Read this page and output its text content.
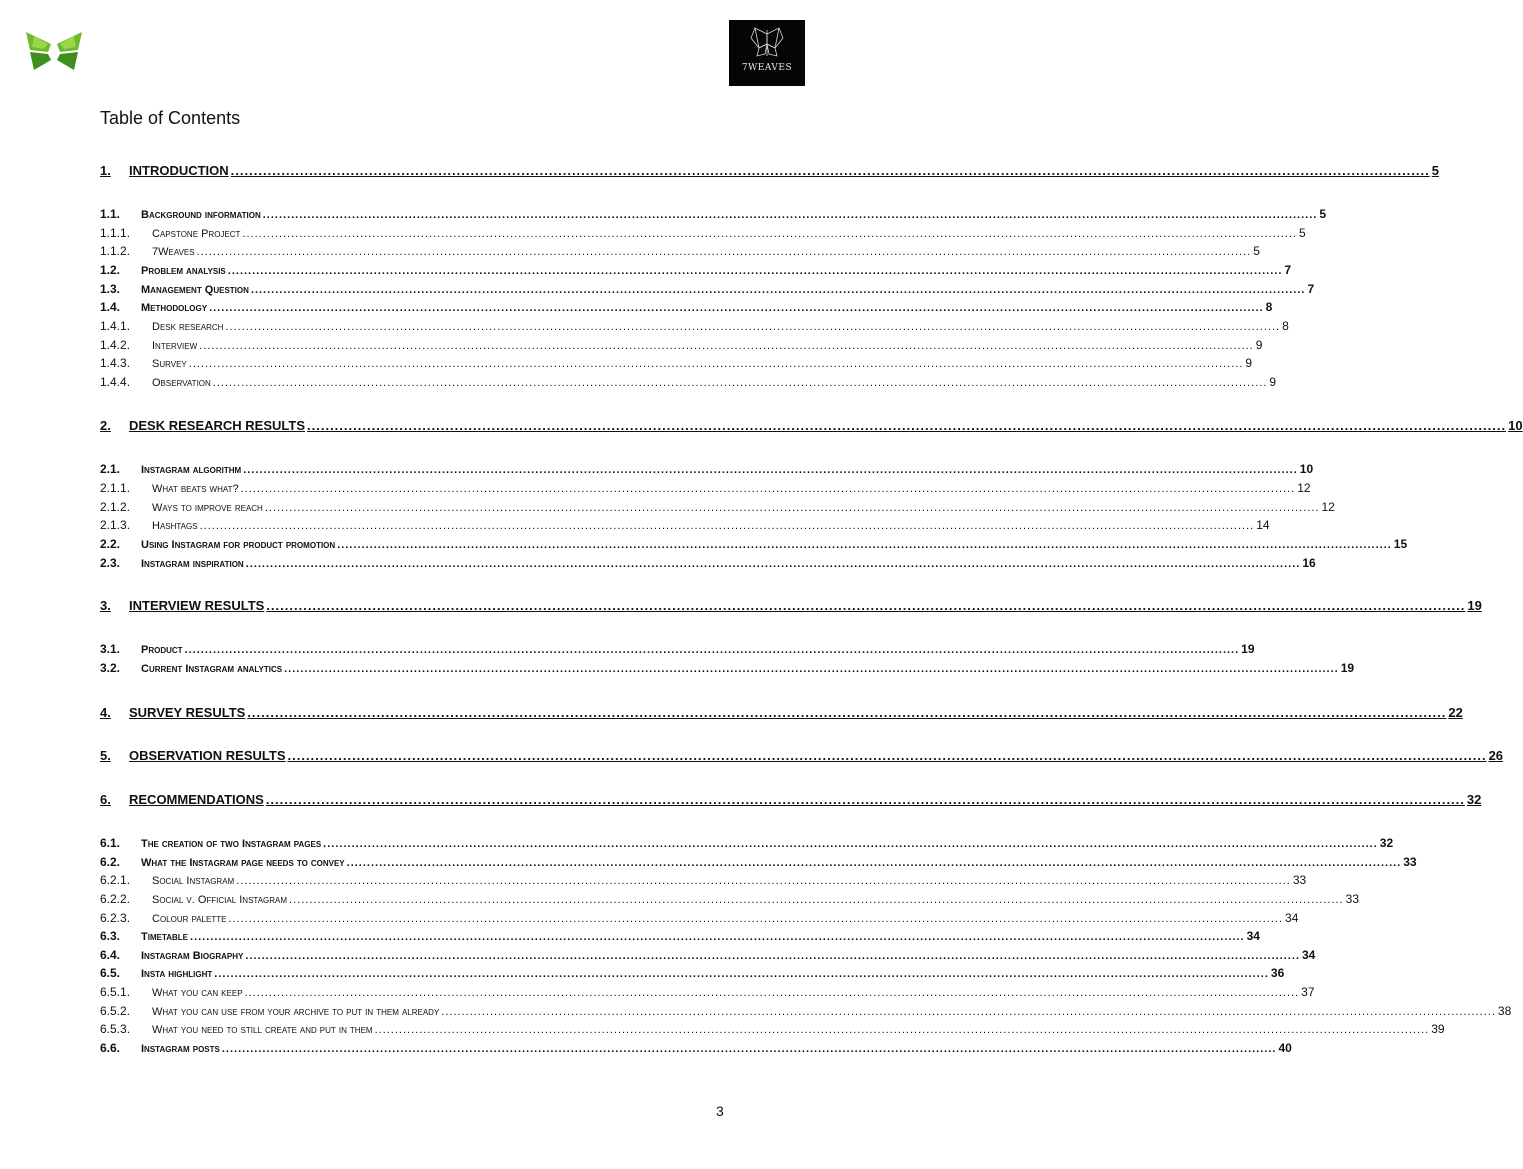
7WEAVES
Table of Contents
1.	INTRODUCTION .................................................................................................................................................................................................................................................................... 5
1.1.	Background information .................................................................................................................................................................................................................................................................... 5
1.1.1.	Capstone Project .................................................................................................................................................................................................................................................................... 5
1.1.2.	7Weaves .................................................................................................................................................................................................................................................................... 5
1.2.	Problem analysis .................................................................................................................................................................................................................................................................... 7
1.3.	Management Question .................................................................................................................................................................................................................................................................... 7
1.4.	Methodology .................................................................................................................................................................................................................................................................... 8
1.4.1.	Desk research .................................................................................................................................................................................................................................................................... 8
1.4.2.	Interview .................................................................................................................................................................................................................................................................... 9
1.4.3.	Survey .................................................................................................................................................................................................................................................................... 9
1.4.4.	Observation .................................................................................................................................................................................................................................................................... 9
2.	DESK RESEARCH RESULTS .................................................................................................................................................................................................................................................................... 10
2.1.	Instagram algorithm .................................................................................................................................................................................................................................................................... 10
2.1.1.	What beats what? .................................................................................................................................................................................................................................................................... 12
2.1.2.	Ways to improve reach .................................................................................................................................................................................................................................................................... 12
2.1.3.	Hashtags .................................................................................................................................................................................................................................................................... 14
2.2.	Using Instagram for product promotion .................................................................................................................................................................................................................................................................... 15
2.3.	Instagram inspiration .................................................................................................................................................................................................................................................................... 16
3.	INTERVIEW RESULTS .................................................................................................................................................................................................................................................................... 19
3.1.	Product .................................................................................................................................................................................................................................................................... 19
3.2.	Current Instagram analytics .................................................................................................................................................................................................................................................................... 19
4.	SURVEY RESULTS .................................................................................................................................................................................................................................................................... 22
5.	OBSERVATION RESULTS .................................................................................................................................................................................................................................................................... 26
6.	RECOMMENDATIONS .................................................................................................................................................................................................................................................................... 32
6.1.	The creation of two Instagram pages .................................................................................................................................................................................................................................................................... 32
6.2.	What the Instagram page needs to convey .................................................................................................................................................................................................................................................................... 33
6.2.1.	Social Instagram .................................................................................................................................................................................................................................................................... 33
6.2.2.	Social v. Official Instagram .................................................................................................................................................................................................................................................................... 33
6.2.3.	Colour palette .................................................................................................................................................................................................................................................................... 34
6.3.	Timetable .................................................................................................................................................................................................................................................................... 34
6.4.	Instagram Biography .................................................................................................................................................................................................................................................................... 34
6.5.	Insta highlight .................................................................................................................................................................................................................................................................... 36
6.5.1.	What you can keep .................................................................................................................................................................................................................................................................... 37
6.5.2.	What you can use from your archive to put in them already .................................................................................................................................................................................................................................................................... 38
6.5.3.	What you need to still create and put in them .................................................................................................................................................................................................................................................................... 39
6.6.	Instagram posts .................................................................................................................................................................................................................................................................... 40
3
